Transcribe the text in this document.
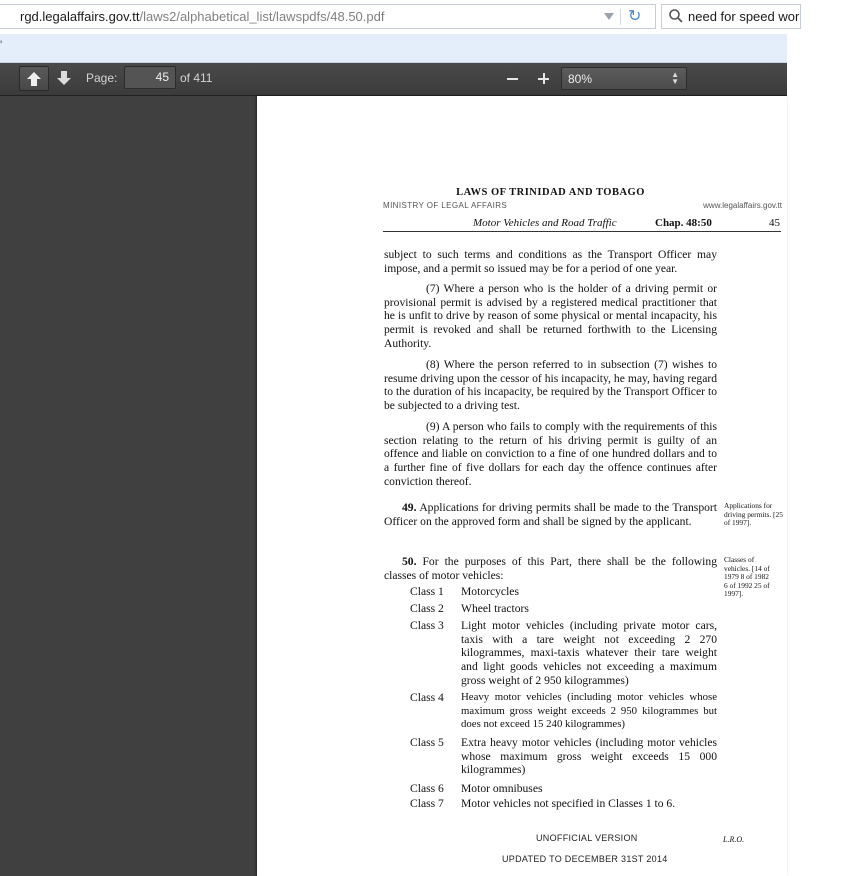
rgd.legalaffairs.gov.tt/laws2/alphabetical_list/lawspdfs/48.50.pdf	↻	need for speed wor
'
Page:	45 of 411	80%	▲
▼
LAWS OF TRINIDAD AND TOBAGO
MINISTRY OF LEGAL AFFAIRS	www.legalaffairs.gov.tt
Motor Vehicles and Road Traffic	Chap. 48:50	45
subject to such terms and conditions as the Transport Officer may impose, and a permit so issued may be for a period of one year.
(7) Where a person who is the holder of a driving permit or provisional permit is advised by a registered medical practitioner that he is unfit to drive by reason of some physical or mental incapacity, his permit is revoked and shall be returned forthwith to the Licensing Authority.
(8) Where the person referred to in subsection (7) wishes to resume driving upon the cessor of his incapacity, he may, having regard to the duration of his incapacity, be required by the Transport Officer to be subjected to a driving test.
(9) A person who fails to comply with the requirements of this section relating to the return of his driving permit is guilty of an offence and liable on conviction to a fine of one hundred dollars and to a further fine of five dollars for each day the offence continues after conviction thereof.
49. Applications for driving permits shall be made to the Transport Officer on the approved form and shall be signed by the applicant.
Applications for driving permits. [25 of 1997].
50. For the purposes of this Part, there shall be the following classes of motor vehicles:
Classes of vehicles. [14 of 1979 8 of 1982 6 of 1992 25 of 1997].
Class 1 Motorcycles
Class 2 Wheel tractors
Class 3 Light motor vehicles (including private motor cars, taxis with a tare weight not exceeding 2 270 kilogrammes, maxi-taxis whatever their tare weight and light goods vehicles not exceeding a maximum gross weight of 2 950 kilogrammes)
Class 4 Heavy motor vehicles (including motor vehicles whose maximum gross weight exceeds 2 950 kilogrammes but does not exceed 15 240 kilogrammes)
Class 5 Extra heavy motor vehicles (including motor vehicles whose maximum gross weight exceeds 15 000 kilogrammes)
Class 6 Motor omnibuses
Class 7 Motor vehicles not specified in Classes 1 to 6.
UNOFFICIAL VERSION	L.R.O.
UPDATED TO DECEMBER 31ST 2014
